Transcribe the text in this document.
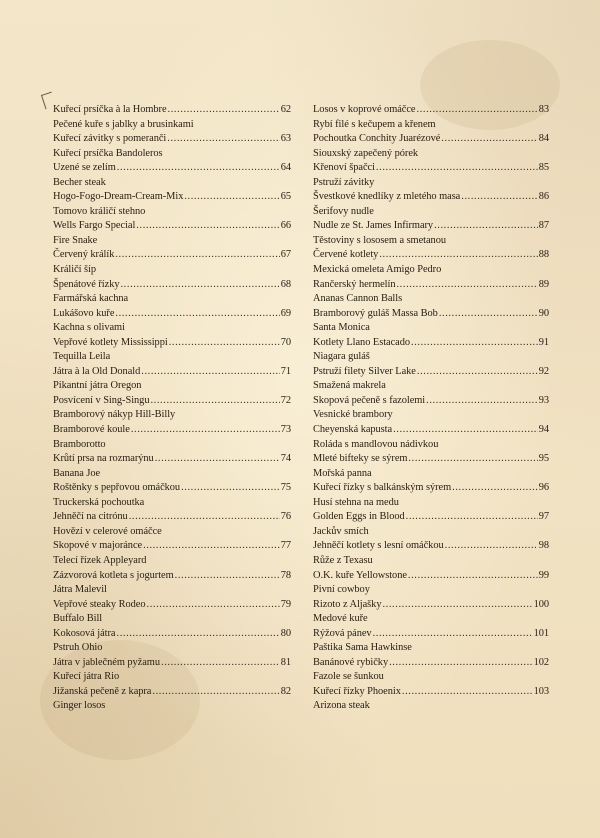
Kuřecí prsíčka à la Hombre .....	62
Pečené kuře s jablky a brusinkami
Kuřecí závitky s pomeranči .....	63
Kuřecí prsíčka Bandoleros
Uzené se zelím .....	64
Becher steak
Hogo-Fogo-Dream-Cream-Mix .....	65
Tomovo králičí stehno
Wells Fargo Special .....	66
Fire Snake
Červený králík .....	67
Králičí šíp
Špenátové řízky .....	68
Farmářská kachna
Lukášovo kuře .....	69
Kachna s olivami
Vepřové kotlety Mississippi .....	70
Tequilla Leila
Játra à la Old Donald .....	71
Pikantní játra Oregon
Posvícení v Sing-Singu .....	72
Bramborový nákyp Hill-Billy
Bramborové koule .....	73
Bramborotto
Krůtí prsa na rozmarýnu .....	74
Banana Joe
Roštěnky s pepřovou omáčkou .....	75
Truckerská pochoutka
Jehněčí na citrónu .....	76
Hovězí v celerové omáčce
Skopové v majoránce .....	77
Telecí řízek Appleyard
Zázvorová kotleta s jogurtem .....	78
Játra Malevil
Vepřové steaky Rodeo .....	79
Buffalo Bill
Kokosová játra .....	80
Pstruh Ohio
Játra v jablečném pyžamu .....	81
Kuřecí játra Rio
Jižanská pečeně z kapra .....	82
Ginger losos
Losos v koprové omáčce .....	83
Rybí filé s kečupem a křenem
Pochoutka Conchity Juarézové .....	84
Siouxský zapečený pórek
Křenoví špačci .....	85
Pstruží závitky
Švestkové knedlíky z mletého masa .....	86
Šerifovy nudle
Nudle ze St. James Infirmary .....	87
Těstoviny s lososem a smetanou
Červené kotlety .....	88
Mexická omeleta Amigo Pedro
Rančerský hermelín .....	89
Ananas Cannon Balls
Bramborový guláš Massa Bob .....	90
Santa Monica
Kotlety Llano Estacado .....	91
Niagara guláš
Pstruží filety Silver Lake .....	92
Smažená makrela
Skopová pečeně s fazolemi .....	93
Vesnické brambory
Cheyenská kapusta .....	94
Roláda s mandlovou nádivkou
Mleté bifteky se sýrem .....	95
Mořská panna
Kuřecí řízky s balkánským sýrem .....	96
Husí stehna na medu
Golden Eggs in Blood .....	97
Jackův smích
Jehněčí kotlety s lesní omáčkou .....	98
Růže z Texasu
O.K. kuře Yellowstone .....	99
Pivní cowboy
Rizoto z Aljašky .....	100
Medové kuře
Rýžová pánev .....	101
Paštika Sama Hawkinse
Banánové rybičky .....	102
Fazole se šunkou
Kuřecí řízky Phoenix .....	103
Arizona steak
